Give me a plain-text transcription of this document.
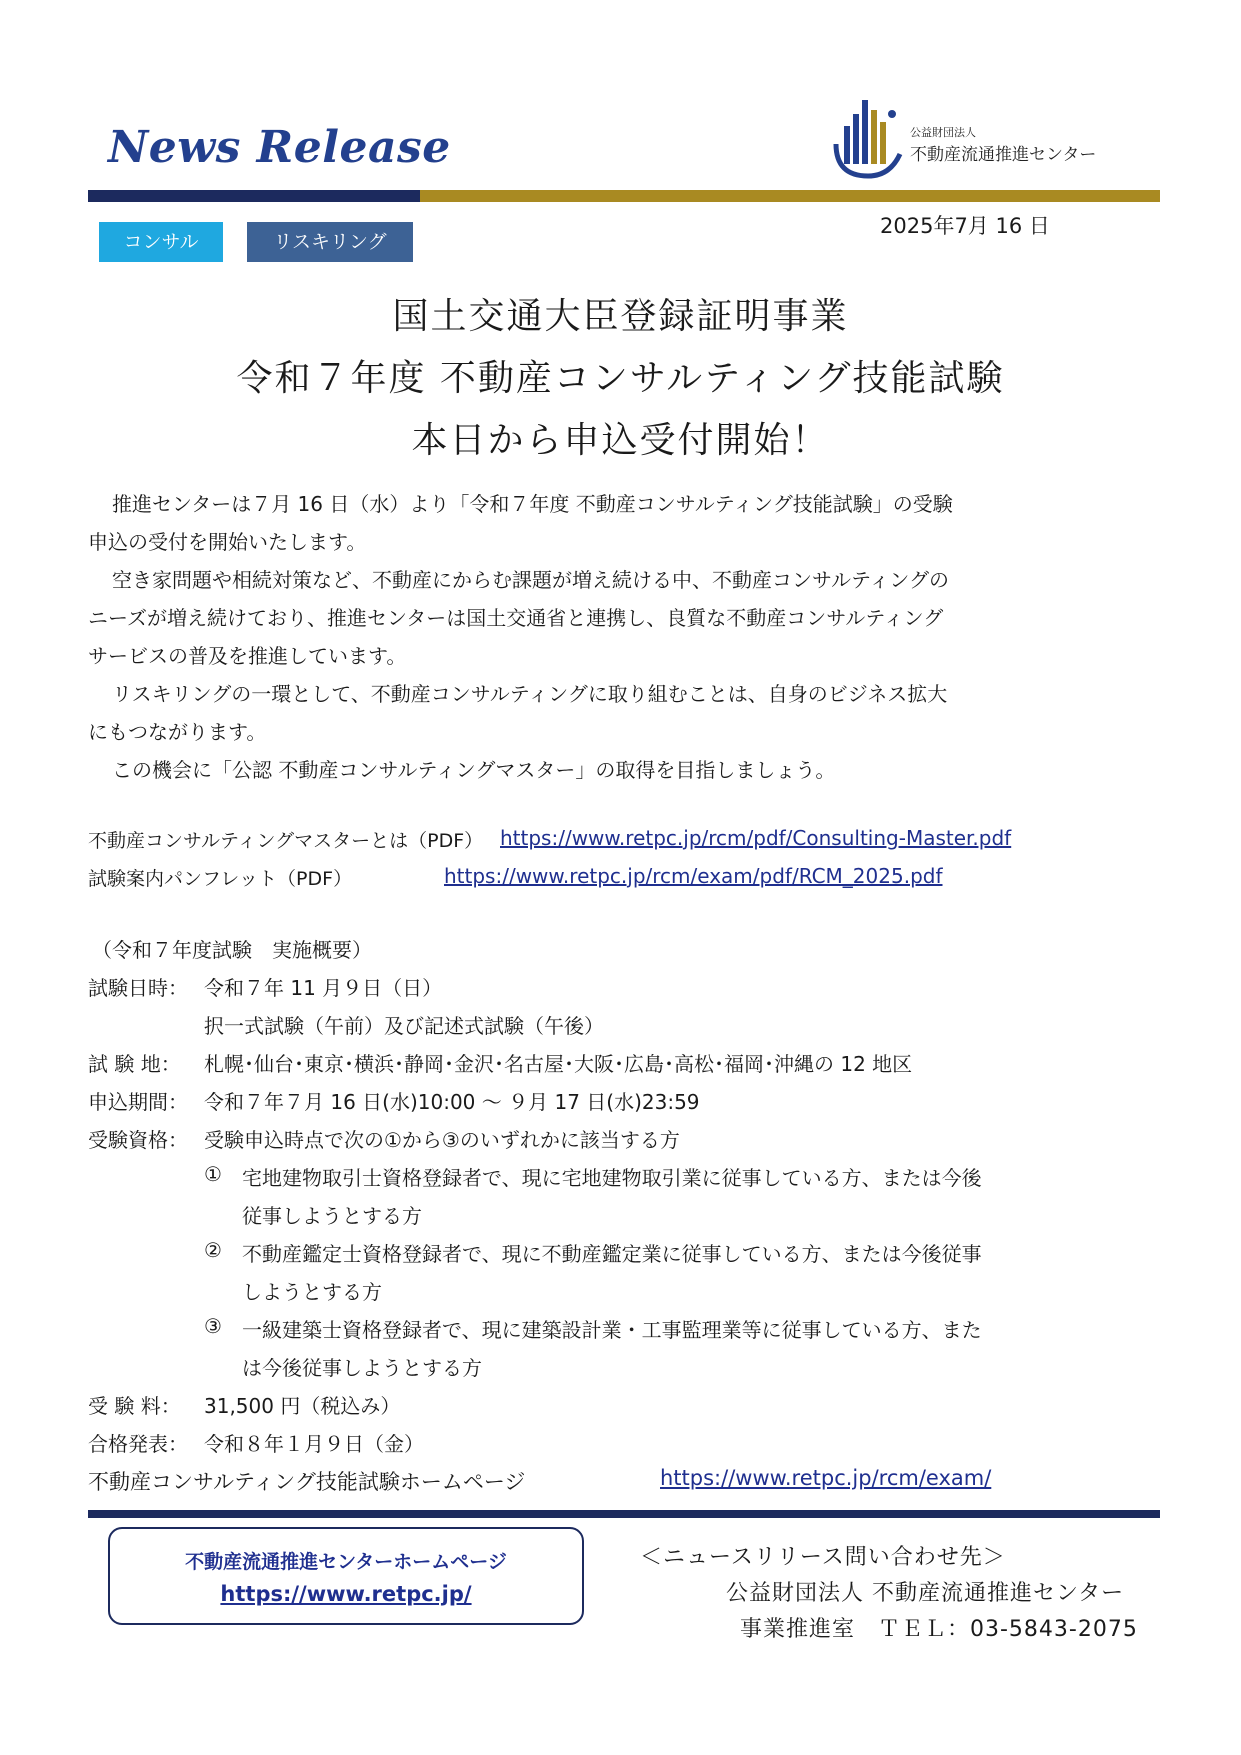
News Release	公益財団法人
不動産流通推進センター
2025年7月 16 日
コンサル	リスキリング
国土交通大臣登録証明事業
令和７年度 不動産コンサルティング技能試験
本日から申込受付開始！
推進センターは７月 16 日（水）より「令和７年度 不動産コンサルティング技能試験」の受験
申込の受付を開始いたします。
空き家問題や相続対策など、不動産にからむ課題が増え続ける中、不動産コンサルティングの
ニーズが増え続けており、推進センターは国土交通省と連携し、良質な不動産コンサルティング
サービスの普及を推進しています。
リスキリングの一環として、不動産コンサルティングに取り組むことは、自身のビジネス拡大
にもつながります。
この機会に「公認 不動産コンサルティングマスター」の取得を目指しましょう。
不動産コンサルティングマスターとは（PDF） https://www.retpc.jp/rcm/pdf/Consulting-Master.pdf
試験案内パンフレット（PDF）	https://www.retpc.jp/rcm/exam/pdf/RCM_2025.pdf
（令和７年度試験　実施概要）
試験日時： 令和７年 11 月９日（日）
択一式試験（午前）及び記述式試験（午後）
試 験 地： 札幌･仙台･東京･横浜･静岡･金沢･名古屋･大阪･広島･高松･福岡･沖縄の 12 地区
申込期間： 令和７年７月 16 日(水)10:00 ～ ９月 17 日(水)23:59
受験資格： 受験申込時点で次の①から③のいずれかに該当する方
① 宅地建物取引士資格登録者で、現に宅地建物取引業に従事している方、または今後
従事しようとする方
② 不動産鑑定士資格登録者で、現に不動産鑑定業に従事している方、または今後従事
しようとする方
③ 一級建築士資格登録者で、現に建築設計業・工事監理業等に従事している方、また
は今後従事しようとする方
受 験 料： 31,500 円（税込み）
合格発表： 令和８年１月９日（金）
不動産コンサルティング技能試験ホームページ	https://www.retpc.jp/rcm/exam/
不動産流通推進センターホームページ
https://www.retpc.jp/
＜ニュースリリース問い合わせ先＞
公益財団法人 不動産流通推進センター
事業推進室　ＴＥＬ：03-5843-2075
